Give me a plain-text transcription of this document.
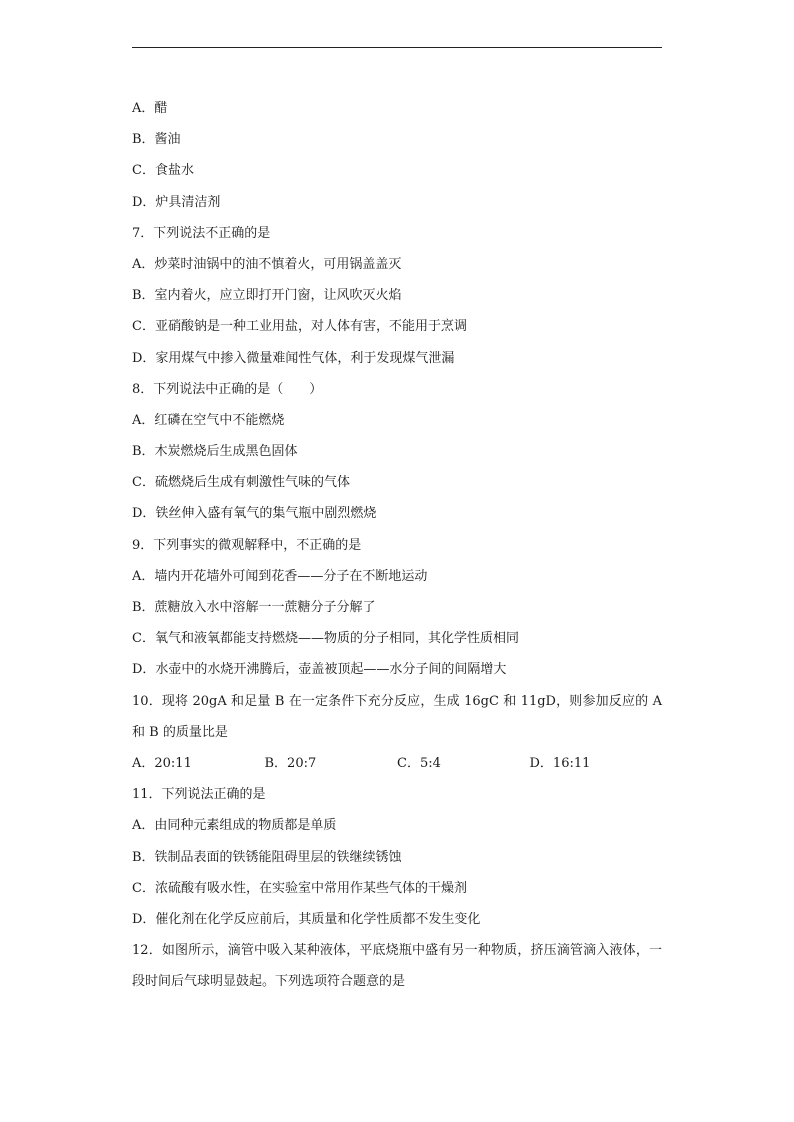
A．醋
B．酱油
C．食盐水
D．炉具清洁剂
7．下列说法不正确的是
A．炒菜时油锅中的油不慎着火，可用锅盖盖灭
B．室内着火，应立即打开门窗，让风吹灭火焰
C．亚硝酸钠是一种工业用盐，对人体有害，不能用于烹调
D．家用煤气中掺入微量难闻性气体，利于发现煤气泄漏
8．下列说法中正确的是（　　）
A．红磷在空气中不能燃烧
B．木炭燃烧后生成黑色固体
C．硫燃烧后生成有刺激性气味的气体
D．铁丝伸入盛有氧气的集气瓶中剧烈燃烧
9．下列事实的微观解释中，不正确的是
A．墙内开花墙外可闻到花香——分子在不断地运动
B．蔗糖放入水中溶解一一蔗糖分子分解了
C．氧气和液氧都能支持燃烧——物质的分子相同，其化学性质相同
D．水壶中的水烧开沸腾后，壶盖被顶起——水分子间的间隔增大
10．现将 20gA 和足量 B 在一定条件下充分反应，生成 16gC 和 11gD，则参加反应的 A 和 B 的质量比是
A．20:11	B．20:7	C．5:4	D．16:11
11．下列说法正确的是
A．由同种元素组成的物质都是单质
B．铁制品表面的铁锈能阻碍里层的铁继续锈蚀
C．浓硫酸有吸水性，在实验室中常用作某些气体的干燥剂
D．催化剂在化学反应前后，其质量和化学性质都不发生变化
12．如图所示，滴管中吸入某种液体，平底烧瓶中盛有另一种物质，挤压滴管滴入液体，一段时间后气球明显鼓起。下列选项符合题意的是
